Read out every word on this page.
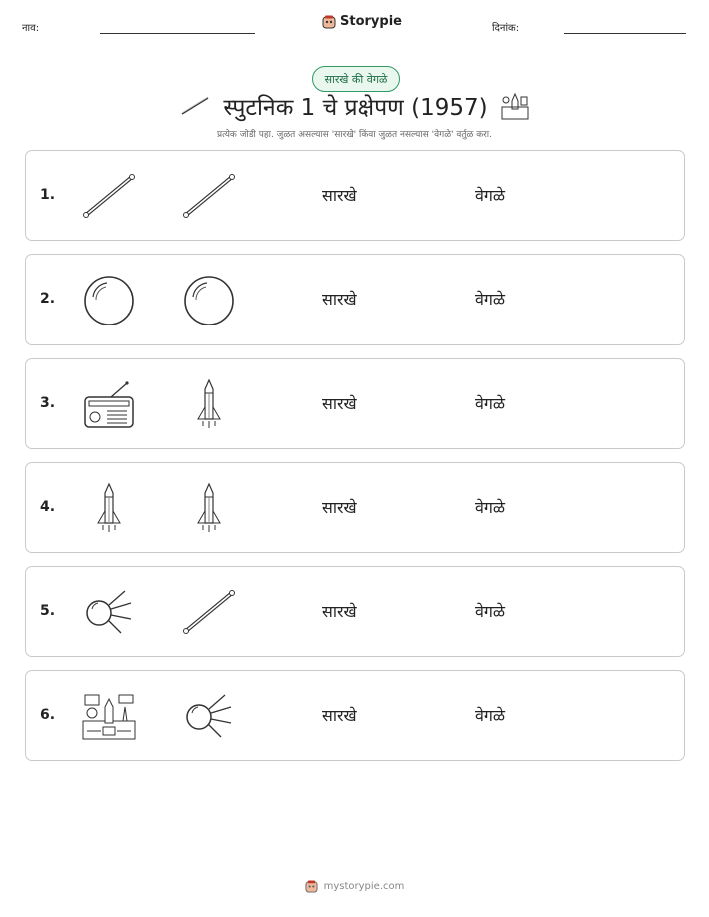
नाव:	Storypie	दिनांक:
सारखे की वेगळे
स्पुटनिक 1 चे प्रक्षेपण (1957)
प्रत्येक जोडी पहा. जुळत असल्यास 'सारखे' किंवा जुळत नसल्यास 'वेगळे' वर्तुळ करा.
1.	सारखे	वेगळे
2.	सारखे	वेगळे
3.	सारखे	वेगळे
4.	सारखे	वेगळे
5.	सारखे	वेगळे
6.	सारखे	वेगळे
mystorypie.com
